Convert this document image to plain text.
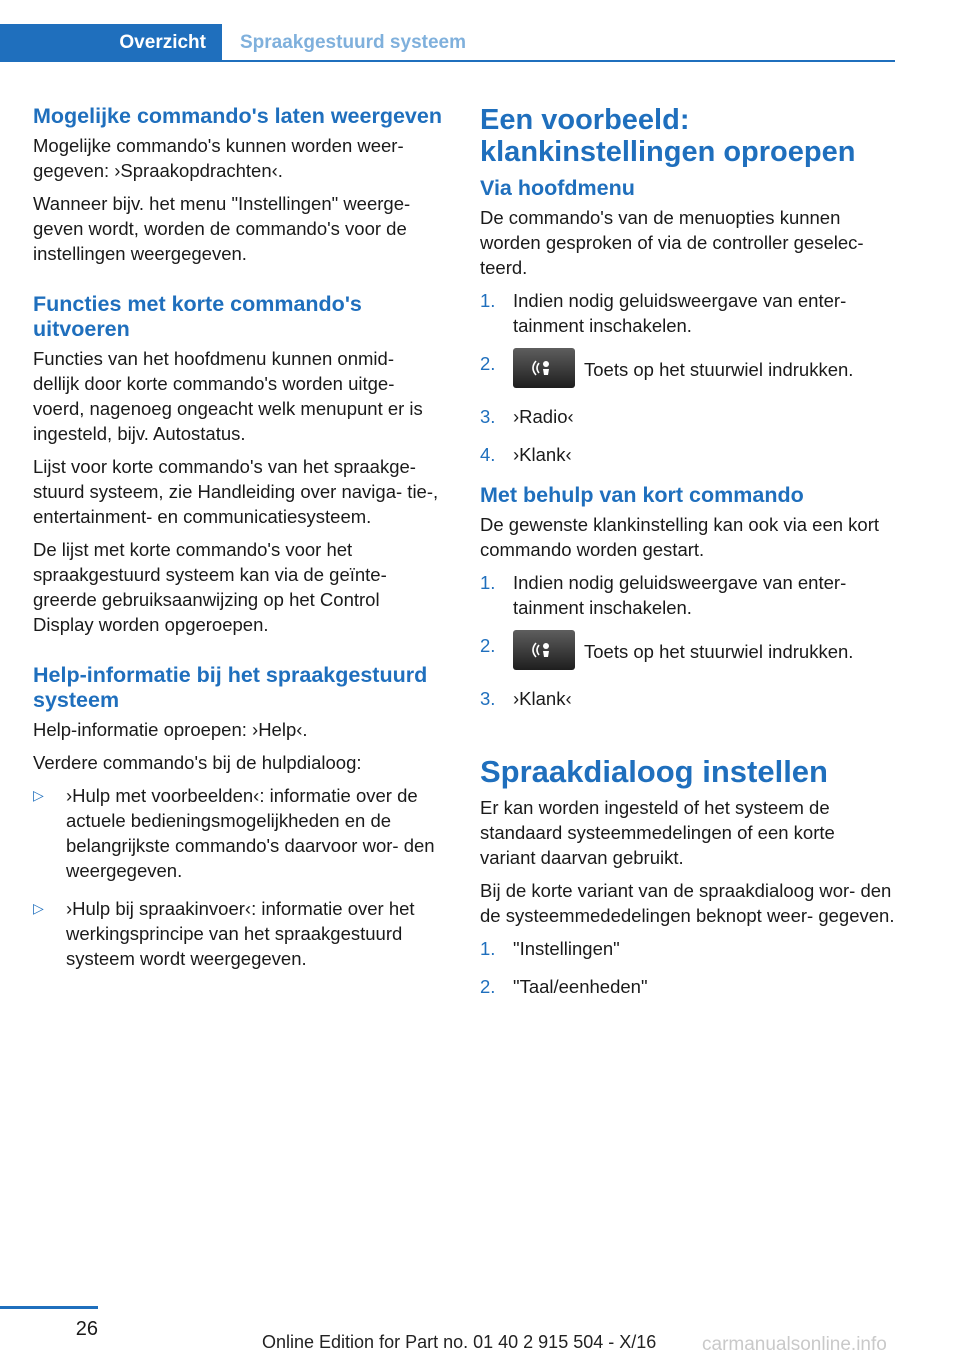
Overzicht	Spraakgestuurd systeem
Mogelijke commando's laten weergeven

Mogelijke commando's kunnen worden weer‐ gegeven: ›Spraakopdrachten‹.

Wanneer bijv. het menu "Instellingen" weerge‐ geven wordt, worden de commando's voor de instellingen weergegeven.

Functies met korte commando's uitvoeren

Functies van het hoofdmenu kunnen onmid‐ dellijk door korte commando's worden uitge‐ voerd, nagenoeg ongeacht welk menupunt er is ingesteld, bijv. Autostatus.

Lijst voor korte commando's van het spraakge‐ stuurd systeem, zie Handleiding over naviga‐ tie-, entertainment- en communicatiesysteem.

De lijst met korte commando's voor het spraakgestuurd systeem kan via de geïnte‐ greerde gebruiksaanwijzing op het Control Display worden opgeroepen.

Help-informatie bij het spraakgestuurd systeem

Help-informatie oproepen: ›Help‹.

Verdere commando's bij de hulpdialoog:

▷	›Hulp met voorbeelden‹: informatie over de actuele bedieningsmogelijkheden en de belangrijkste commando's daarvoor wor‐ den weergegeven.
▷	›Hulp bij spraakinvoer‹: informatie over het werkingsprincipe van het spraakgestuurd systeem wordt weergegeven.
Een voorbeeld: klankinstellingen oproepen
Via hoofdmenu

De commando's van de menuopties kunnen worden gesproken of via de controller geselec‐ teerd.

1. Indien nodig geluidsweergave van enter‐ tainment inschakelen.
2.	Toets op het stuurwiel indrukken.
3. ›Radio‹
4. ›Klank‹
Met behulp van kort commando

De gewenste klankinstelling kan ook via een kort commando worden gestart.

1. Indien nodig geluidsweergave van enter‐ tainment inschakelen.
2.	Toets op het stuurwiel indrukken.
3. ›Klank‹
Spraakdialoog instellen

Er kan worden ingesteld of het systeem de standaard systeemmedelingen of een korte variant daarvan gebruikt.

Bij de korte variant van de spraakdialoog wor‐ den de systeemmededelingen beknopt weer‐ gegeven.

1. "Instellingen"
2. "Taal/eenheden"
26
Online Edition for Part no. 01 40 2 915 504 - X/16 carmanualsonline.info
